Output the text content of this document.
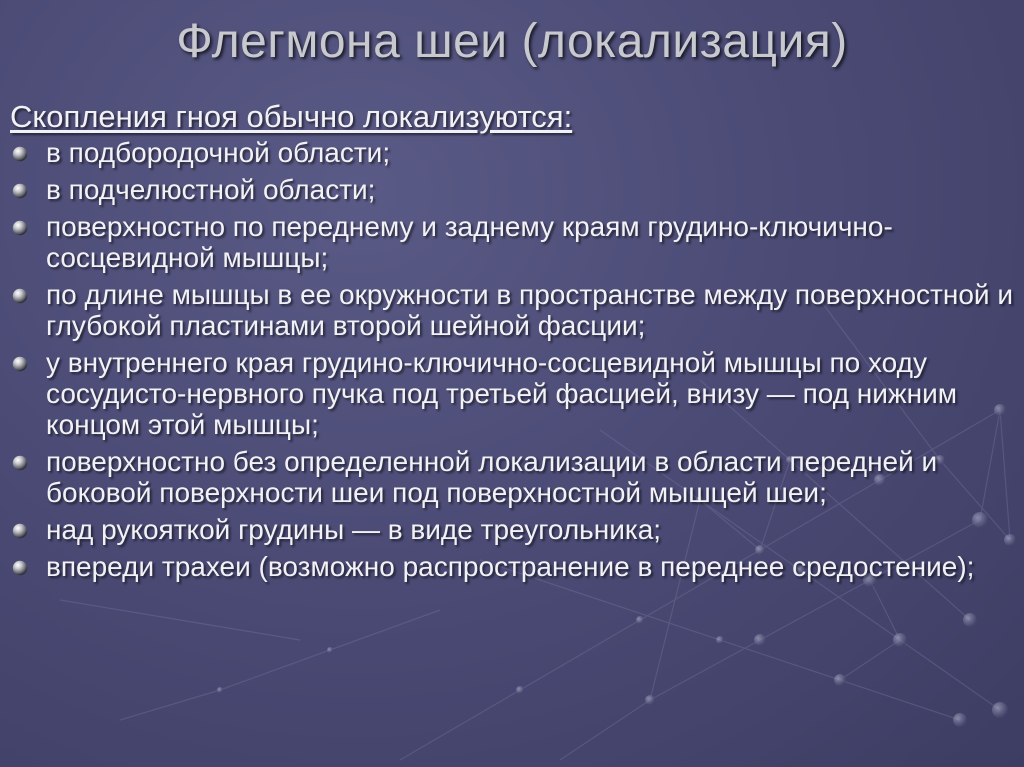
Флегмона шеи (локализация)
Скопления гноя обычно локализуются:
в подбородочной области;
в подчелюстной области;
поверхностно по переднему и заднему краям грудино-ключично-сосцевидной мышцы;
по длине мышцы в ее окружности в пространстве между поверхностной и глубокой пластинами второй шейной фасции;
у внутреннего края грудино-ключично-сосцевидной мышцы по ходу сосудисто-нервного пучка под третьей фасцией, внизу — под нижним концом этой мышцы;
поверхностно без определенной локализации в области передней и боковой поверхности шеи под поверхностной мышцей шеи;
над рукояткой грудины — в виде треугольника;
впереди трахеи (возможно распространение в переднее средостение);
